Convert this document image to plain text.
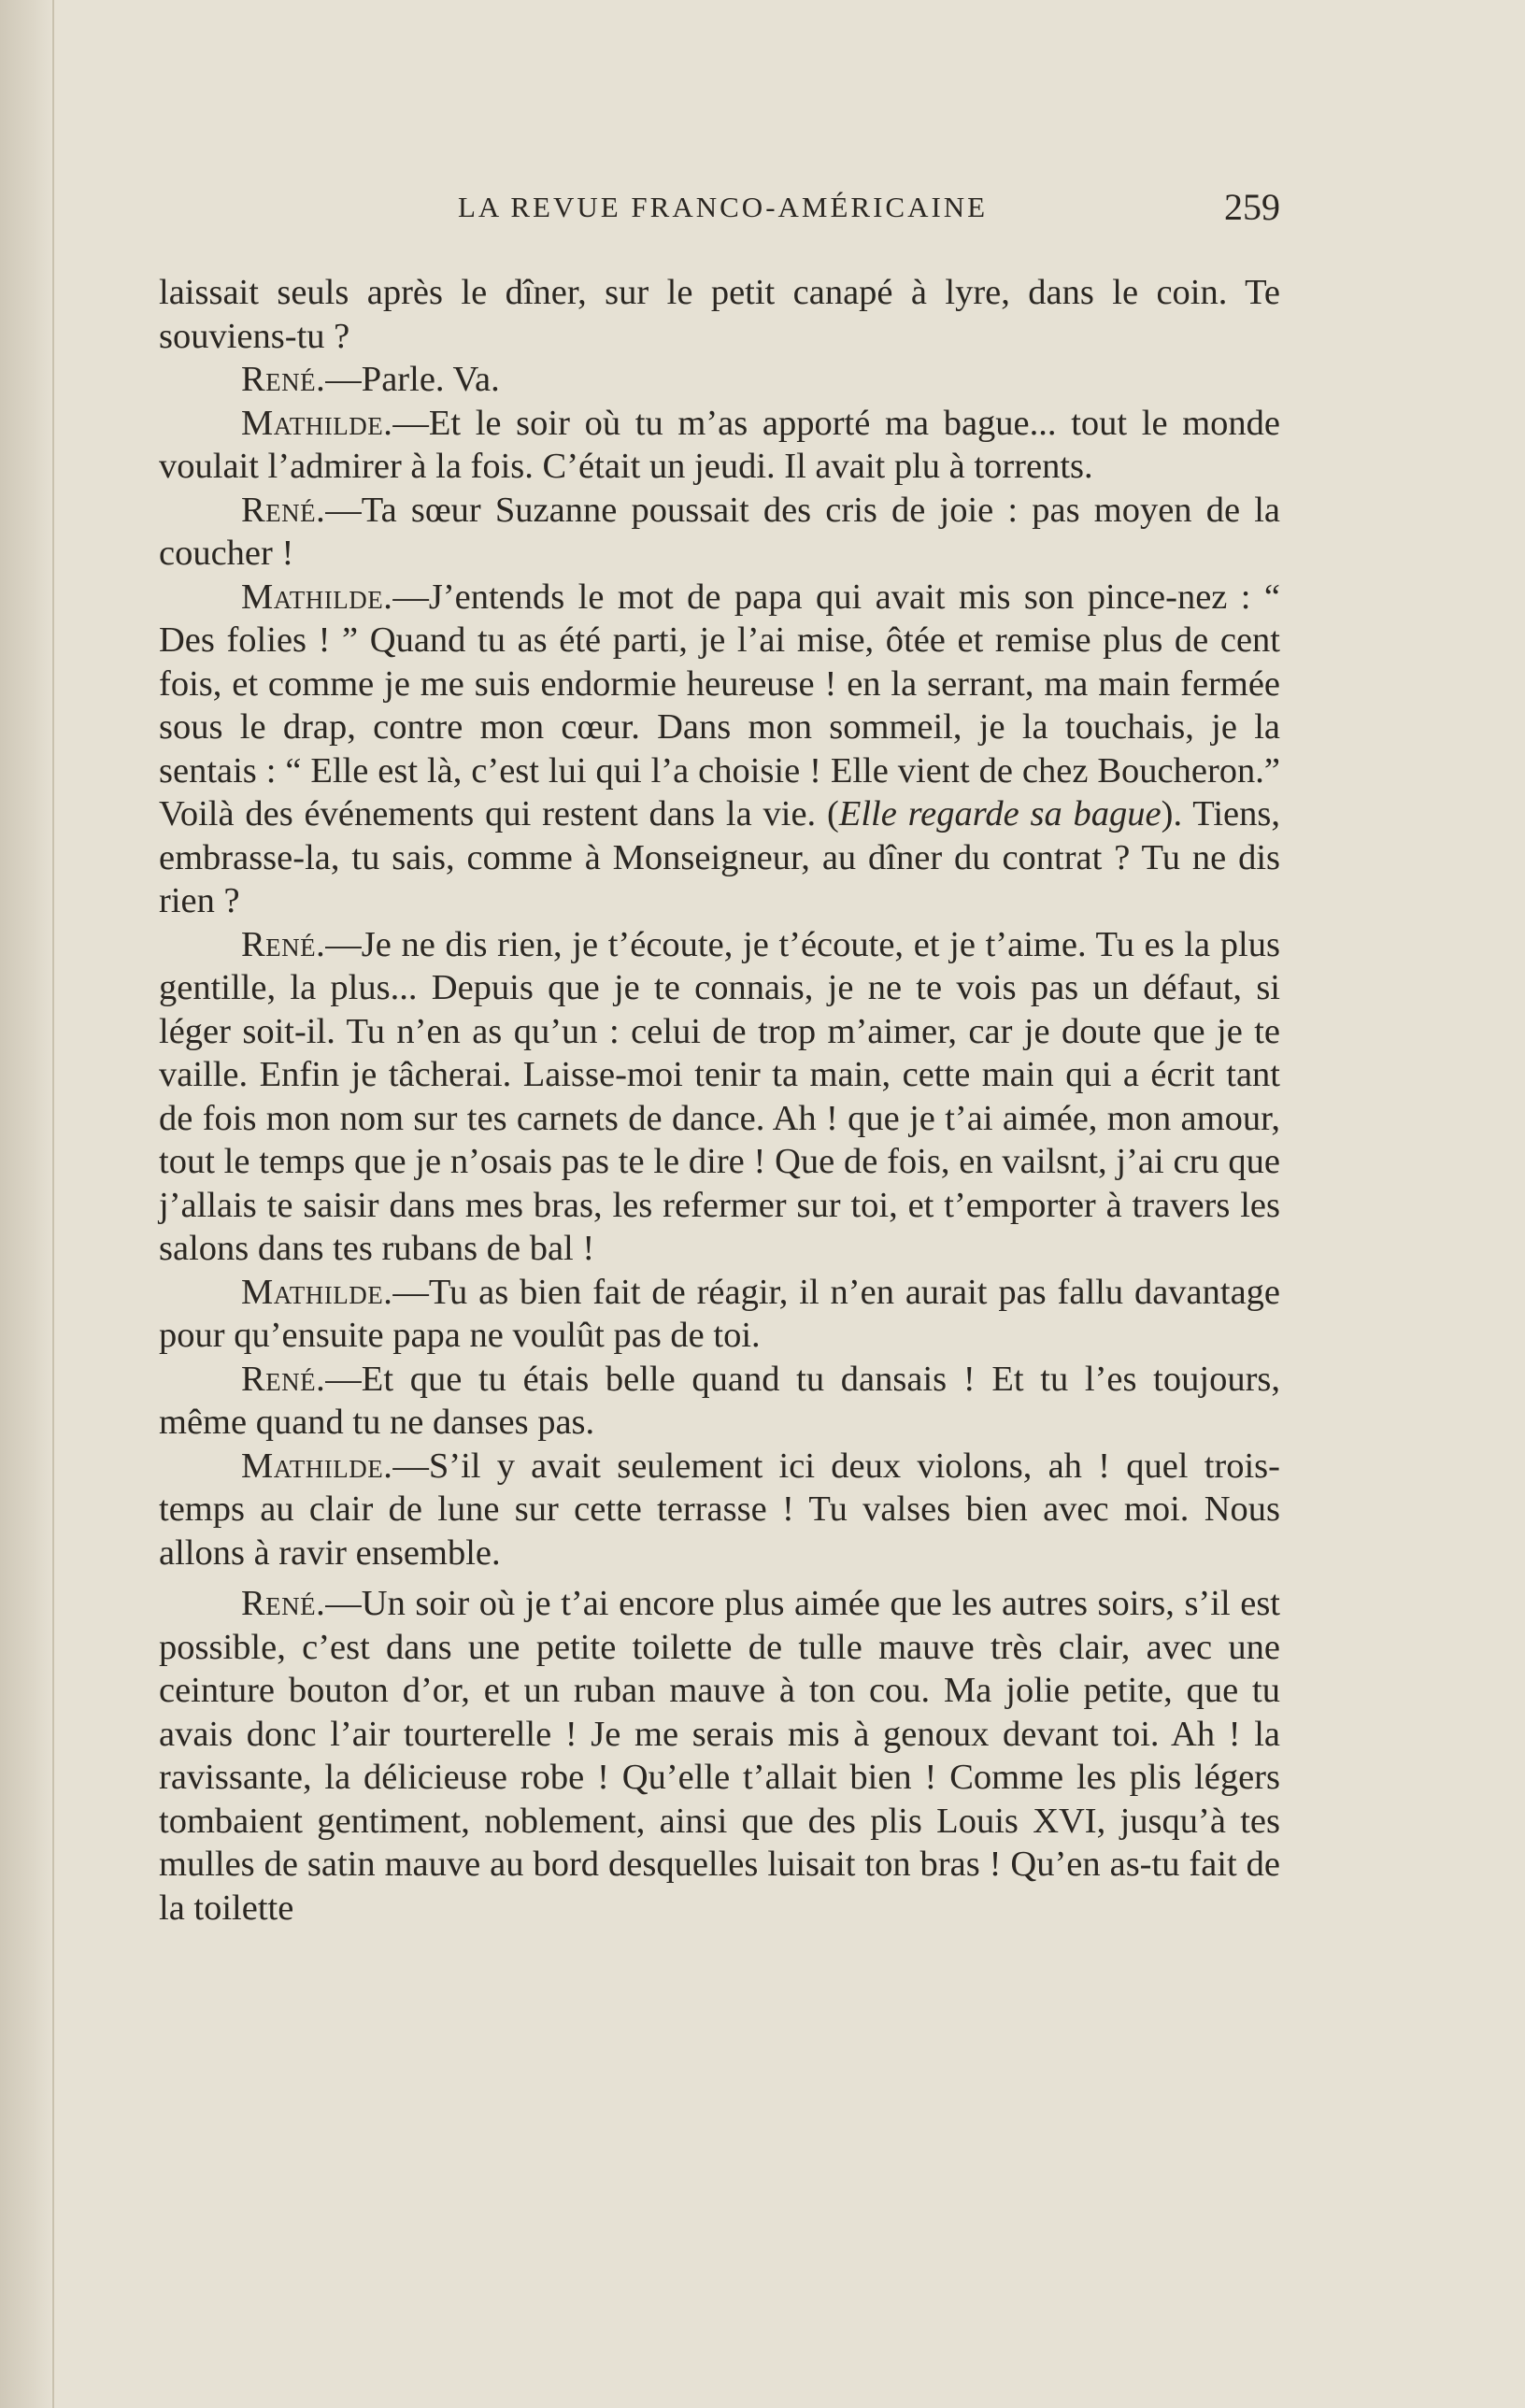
LA REVUE FRANCO-AMÉRICAINE	259

laissait seuls après le dîner, sur le petit canapé à lyre, dans le coin. Te souviens-tu ?

René. — Parle. Va.

Mathilde. — Et le soir où tu m’as apporté ma bague... tout le monde voulait l’admirer à la fois. C’était un jeudi. Il avait plu à torrents.

René. — Ta sœur Suzanne poussait des cris de joie : pas moyen de la coucher !

Mathilde. — J’entends le mot de papa qui avait mis son pince-nez : “ Des folies ! ” Quand tu as été parti, je l’ai mise, ôtée et remise plus de cent fois, et comme je me suis endormie heureuse ! en la serrant, ma main fermée sous le drap, contre mon cœur. Dans mon sommeil, je la touchais, je la sentais : “ Elle est là, c’est lui qui l’a choisie ! Elle vient de chez Boucheron.” Voilà des événements qui restent dans la vie. (Elle regarde sa bague). Tiens, embrasse-la, tu sais, comme à Monseigneur, au dîner du contrat ? Tu ne dis rien ?

René. — Je ne dis rien, je t’écoute, je t’écoute, et je t’aime. Tu es la plus gentille, la plus... Depuis que je te connais, je ne te vois pas un défaut, si léger soit-il. Tu n’en as qu’un : celui de trop m’aimer, car je doute que je te vaille. Enfin je tâcherai. Laisse-moi tenir ta main, cette main qui a écrit tant de fois mon nom sur tes carnets de dance. Ah ! que je t’ai aimée, mon amour, tout le temps que je n’osais pas te le dire ! Que de fois, en vailsnt, j’ai cru que j’allais te saisir dans mes bras, les refermer sur toi, et t’emporter à travers les salons dans tes rubans de bal !

Mathilde. — Tu as bien fait de réagir, il n’en aurait pas fallu davantage pour qu’ensuite papa ne voulût pas de toi.

René. — Et que tu étais belle quand tu dansais ! Et tu l’es toujours, même quand tu ne danses pas.

Mathilde. — S’il y avait seulement ici deux violons, ah ! quel trois-temps au clair de lune sur cette terrasse ! Tu valses bien avec moi. Nous allons à ravir ensemble.

René. — Un soir où je t’ai encore plus aimée que les autres soirs, s’il est possible, c’est dans une petite toilette de tulle mauve très clair, avec une ceinture bouton d’or, et un ruban mauve à ton cou. Ma jolie petite, que tu avais donc l’air tourterelle ! Je me serais mis à genoux devant toi. Ah ! la ravissante, la délicieuse robe ! Qu’elle t’allait bien ! Comme les plis légers tombaient gentiment, noblement, ainsi que des plis Louis XVI, jusqu’à tes mulles de satin mauve au bord desquelles luisait ton bras ! Qu’en as-tu fait de la toilette
